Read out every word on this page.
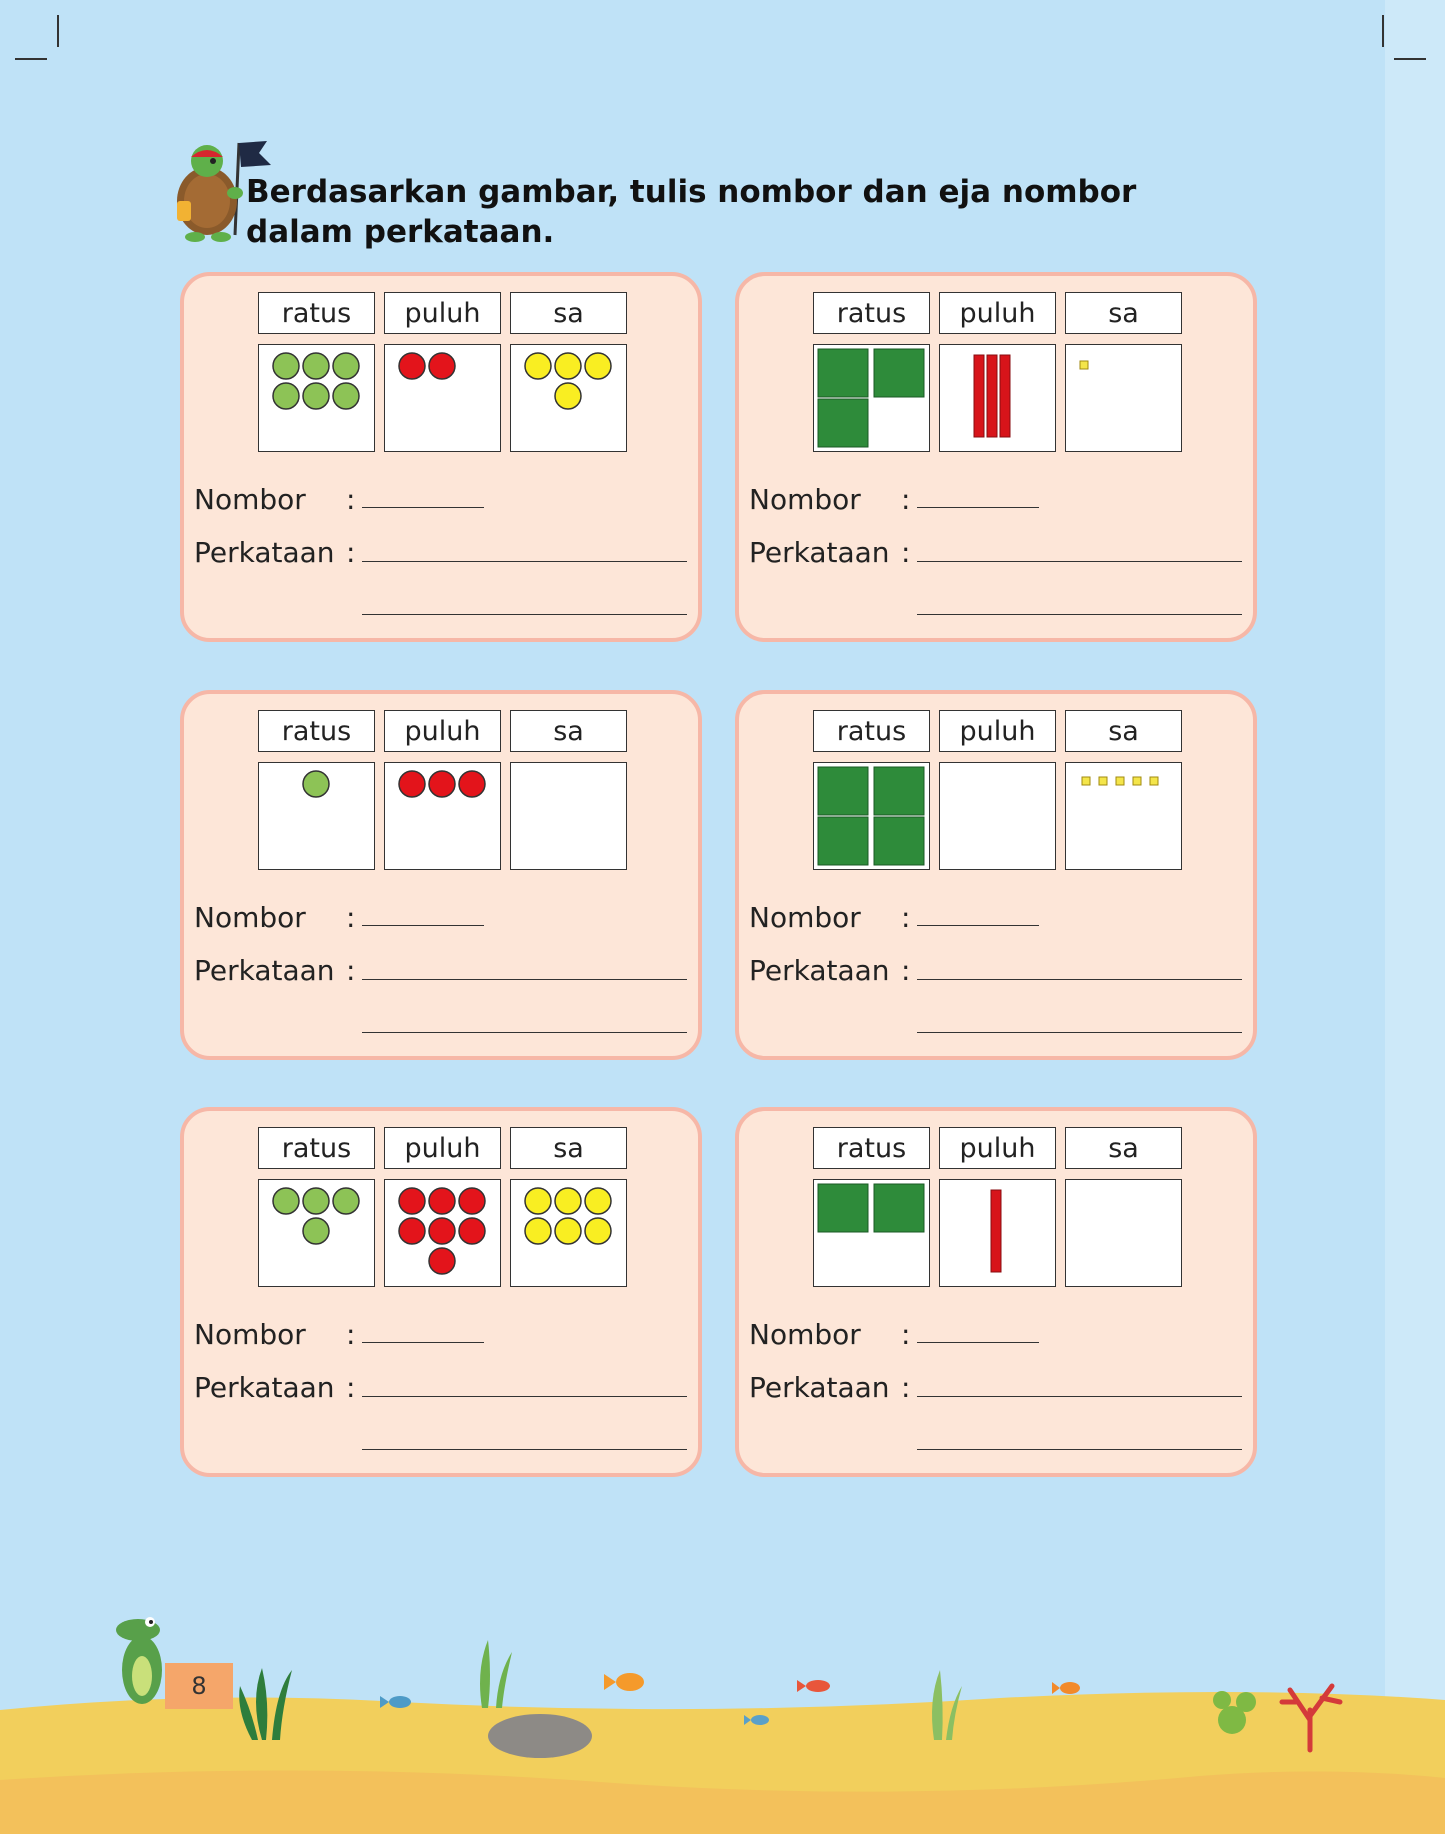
Berdasarkan gambar, tulis nombor dan eja nombor dalam perkataan.
ratus	puluh	sa
Nombor :
Perkataan :
ratus	puluh	sa
Nombor :
Perkataan :
ratus	puluh	sa
Nombor :
Perkataan :
ratus	puluh	sa
Nombor :
Perkataan :
ratus	puluh	sa
Nombor :
Perkataan :
ratus	puluh	sa
Nombor :
Perkataan :
8
